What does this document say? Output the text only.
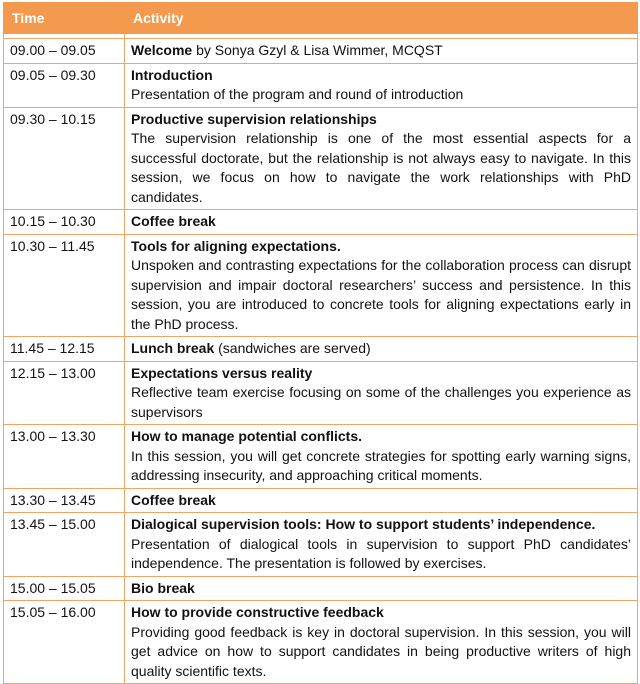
Time	Activity

09.00 – 09.05	Welcome by Sonya Gzyl & Lisa Wimmer, MCQST

09.05 – 09.30	Introduction
Presentation of the program and round of introduction

09.30 – 10.15	Productive supervision relationships
The supervision relationship is one of the most essential aspects for a successful doctorate, but the relationship is not always easy to navigate. In this session, we focus on how to navigate the work relationships with PhD candidates.

10.15 – 10.30	Coffee break

10.30 – 11.45	Tools for aligning expectations.
Unspoken and contrasting expectations for the collaboration process can disrupt supervision and impair doctoral researchers’ success and persistence. In this session, you are introduced to concrete tools for aligning expectations early in the PhD process.

11.45 – 12.15	Lunch break (sandwiches are served)

12.15 – 13.00	Expectations versus reality
Reflective team exercise focusing on some of the challenges you experience as supervisors

13.00 – 13.30	How to manage potential conflicts.
In this session, you will get concrete strategies for spotting early warning signs, addressing insecurity, and approaching critical moments.

13.30 – 13.45	Coffee break

13.45 – 15.00	Dialogical supervision tools: How to support students’ independence.
Presentation of dialogical tools in supervision to support PhD candidates’ independence. The presentation is followed by exercises.

15.00 – 15.05	Bio break

15.05 – 16.00	How to provide constructive feedback
Providing good feedback is key in doctoral supervision. In this session, you will get advice on how to support candidates in being productive writers of high quality scientific texts.
